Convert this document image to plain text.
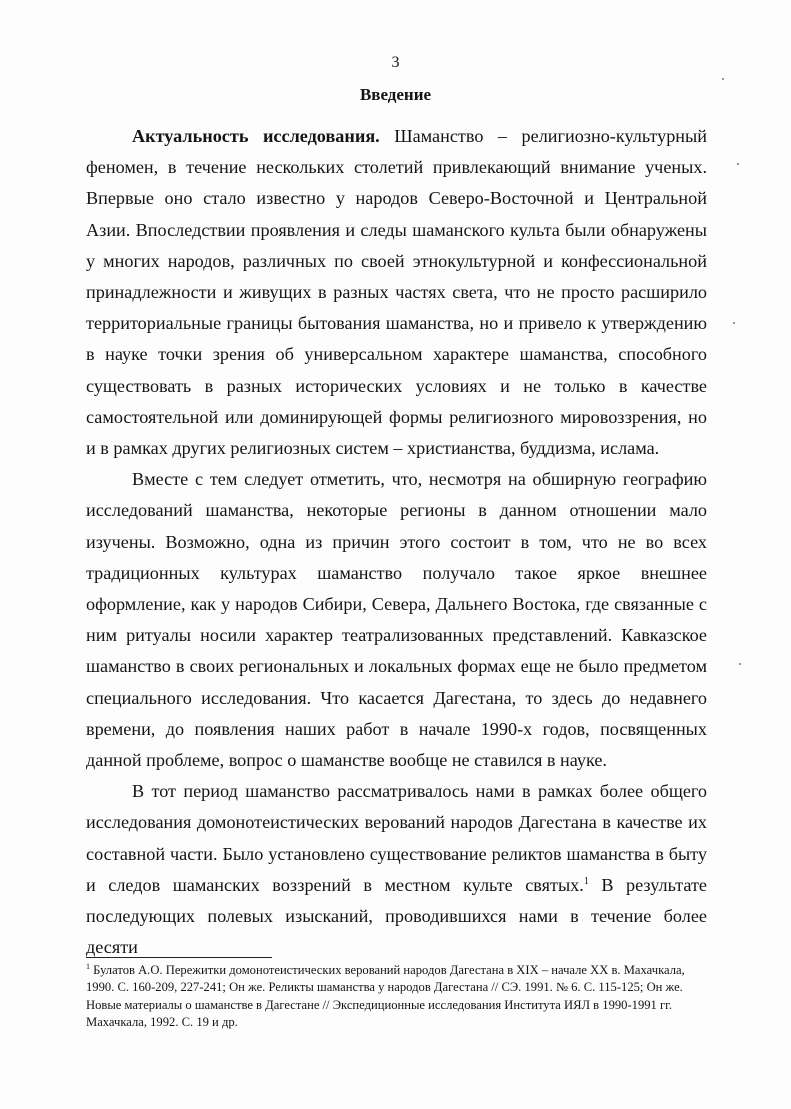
3
Введение

Актуальность исследования. Шаманство – религиозно-культурный феномен, в течение нескольких столетий привлекающий внимание ученых. Впервые оно стало известно у народов Северо-Восточной и Центральной Азии. Впоследствии проявления и следы шаманского культа были обнаружены у многих народов, различных по своей этнокультурной и конфессиональной принадлежности и живущих в разных частях света, что не просто расширило территориальные границы бытования шаманства, но и привело к утверждению в науке точки зрения об универсальном характере шаманства, способного существовать в разных исторических условиях и не только в качестве самостоятельной или доминирующей формы религиозного мировоззрения, но и в рамках других религиозных систем – христианства, буддизма, ислама.

Вместе с тем следует отметить, что, несмотря на обширную географию исследований шаманства, некоторые регионы в данном отношении мало изучены. Возможно, одна из причин этого состоит в том, что не во всех традиционных культурах шаманство получало такое яркое внешнее оформление, как у народов Сибири, Севера, Дальнего Востока, где связанные с ним ритуалы носили характер театрализованных представлений. Кавказское шаманство в своих региональных и локальных формах еще не было предметом специального исследования. Что касается Дагестана, то здесь до недавнего времени, до появления наших работ в начале 1990-х годов, посвященных данной проблеме, вопрос о шаманстве вообще не ставился в науке.

В тот период шаманство рассматривалось нами в рамках более общего исследования домонотеистических верований народов Дагестана в качестве их составной части. Было установлено существование реликтов шаманства в быту и следов шаманских воззрений в местном культе святых.$^1$ В результате последующих полевых изысканий, проводившихся нами в течение более десяти

$^1$ Булатов А.О. Пережитки домонотеистических верований народов Дагестана в XIX – начале XX в. Махачкала, 1990. С. 160-209, 227-241; Он же. Реликты шаманства у народов Дагестана // СЭ. 1991. № 6. С. 115-125; Он же. Новые материалы о шаманстве в Дагестане // Экспедиционные исследования Института ИЯЛ в 1990-1991 гг. Махачкала, 1992. С. 19 и др.
